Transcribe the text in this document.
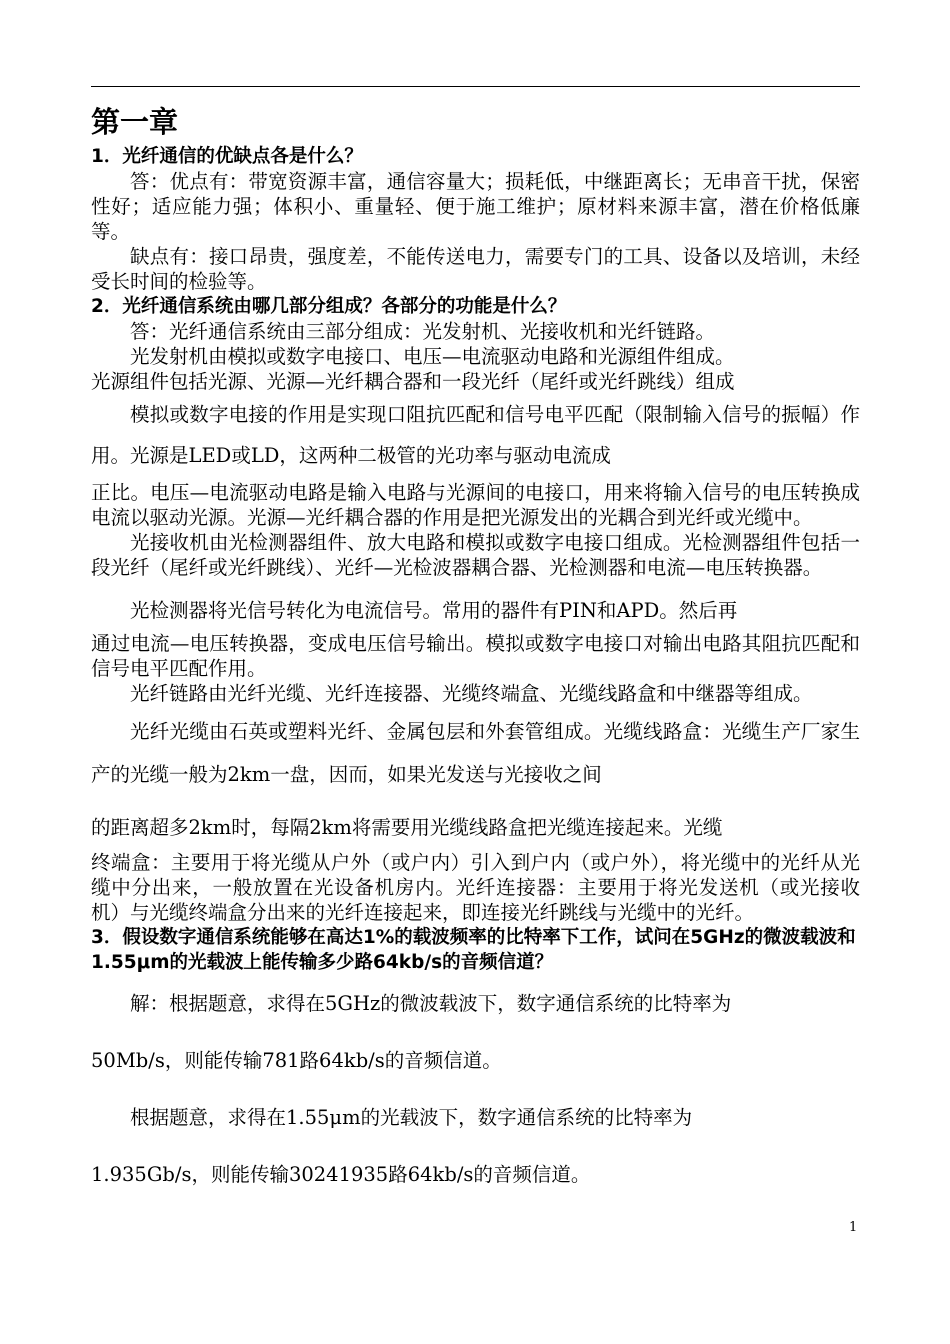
第一章

1．光纤通信的优缺点各是什么？

答：优点有：带宽资源丰富，通信容量大；损耗低，中继距离长；无串音干扰，保密性好；适应能力强；体积小、重量轻、便于施工维护；原材料来源丰富，潜在价格低廉等。

缺点有：接口昂贵，强度差，不能传送电力，需要专门的工具、设备以及培训，未经受长时间的检验等。

2．光纤通信系统由哪几部分组成？各部分的功能是什么？

答：光纤通信系统由三部分组成：光发射机、光接收机和光纤链路。

光发射机由模拟或数字电接口、电压—电流驱动电路和光源组件组成。

光源组件包括光源、光源—光纤耦合器和一段光纤（尾纤或光纤跳线）组成

模拟或数字电接的作用是实现口阻抗匹配和信号电平匹配（限制输入信号的振幅）作用。光源是LED或LD，这两种二极管的光功率与驱动电流成

正比。电压—电流驱动电路是输入电路与光源间的电接口，用来将输入信号的电压转换成电流以驱动光源。光源—光纤耦合器的作用是把光源发出的光耦合到光纤或光缆中。

光接收机由光检测器组件、放大电路和模拟或数字电接口组成。光检测器组件包括一段光纤（尾纤或光纤跳线）、光纤—光检波器耦合器、光检测器和电流—电压转换器。

光检测器将光信号转化为电流信号。常用的器件有PIN和APD。然后再

通过电流—电压转换器，变成电压信号输出。模拟或数字电接口对输出电路其阻抗匹配和信号电平匹配作用。

光纤链路由光纤光缆、光纤连接器、光缆终端盒、光缆线路盒和中继器等组成。

光纤光缆由石英或塑料光纤、金属包层和外套管组成。光缆线路盒：光缆生产厂家生产的光缆一般为2km一盘，因而，如果光发送与光接收之间

的距离超多2km时，每隔2km将需要用光缆线路盒把光缆连接起来。光缆

终端盒：主要用于将光缆从户外（或户内）引入到户内（或户外），将光缆中的光纤从光缆中分出来，一般放置在光设备机房内。光纤连接器：主要用于将光发送机（或光接收机）与光缆终端盒分出来的光纤连接起来，即连接光纤跳线与光缆中的光纤。

3．假设数字通信系统能够在高达1%的载波频率的比特率下工作，试问在5GHz的微波载波和1.55μm的光载波上能传输多少路64kb/s的音频信道？

解：根据题意，求得在5GHz的微波载波下，数字通信系统的比特率为

50Mb/s，则能传输781路64kb/s的音频信道。

根据题意，求得在1.55μm的光载波下，数字通信系统的比特率为

1.935Gb/s，则能传输30241935路64kb/s的音频信道。

1
